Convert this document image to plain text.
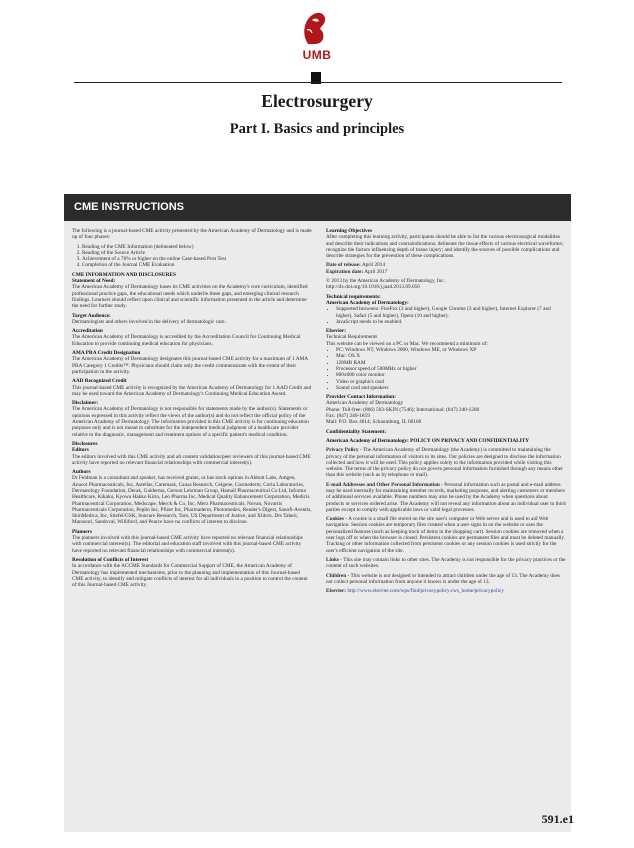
UMB
Electrosurgery
Part I. Basics and principles
CME INSTRUCTIONS

The following is a journal-based CME activity presented by the American Academy of Dermatology and is made up of four phases:

1. Reading of the CME Information (delineated below)
2. Reading of the Source Article
3. Achievement of a 70% or higher on the online Case-based Post Test
4. Completion of the Journal CME Evaluation

CME INFORMATION AND DISCLOSURES

Statement of Need:

The American Academy of Dermatology bases its CME activities on the Academy's core curriculum, identified professional practice gaps, the educational needs which underlie these gaps, and emerging clinical research findings. Learners should reflect upon clinical and scientific information presented in the article and determine the need for further study.

Target Audience:

Dermatologists and others involved in the delivery of dermatologic care.

Accreditation

The American Academy of Dermatology is accredited by the Accreditation Council for Continuing Medical Education to provide continuing medical education for physicians.

AMA PRA Credit Designation

The American Academy of Dermatology designates this journal-based CME activity for a maximum of 1 AMA PRA Category 1 Credits™. Physicians should claim only the credit commensurate with the extent of their participation in the activity.

AAD Recognized Credit

This journal-based CME activity is recognized by the American Academy of Dermatology for 1 AAD Credit and may be used toward the American Academy of Dermatology's Continuing Medical Education Award.

Disclaimer:

The American Academy of Dermatology is not responsible for statements made by the author(s). Statements or opinions expressed in this activity reflect the views of the author(s) and do not reflect the official policy of the American Academy of Dermatology. The information provided in this CME activity is for continuing education purposes only and is not meant to substitute for the independent medical judgment of a healthcare provider relative to the diagnostic, management and treatment options of a specific patient's medical condition.

Disclosures

Editors

The editors involved with this CME activity and all content validation/peer reviewers of this journal-based CME activity have reported no relevant financial relationships with commercial interest(s).

Authors

Dr Feldman is a consultant and speaker, has received grants, or has stock options in Abbott Labs, Amgen, Anacor Pharmaceuticals, Inc, Astellas, Caremark, Causa Research, Celgene, Cosmederm, Coria Laboratories, Dermatology Foundation, Derak, Galderma, Gerson Lehrman Group, Hamall Pharmaceutical Co Ltd, Informa Healthcare, Kikaku, Kyowa Hakko Kirin, Leo Pharma Inc, Medical Quality Enhancement Corporation, Medicis Pharmaceutical Corporation, Medscape, Merck & Co, Inc, Merz Pharmaceuticals, Novan, Novartis Pharmaceuticals Corporation, Peplin Inc, Pfizer Inc, Pharmaderm, Photomedex, Reader's Digest, Sanofi-Aventis, SkinMedica, Inc, Stiefel/GSK, Suncare Research, Taro, US Department of Justice, and Xlibris. Drs Taheri, Mansouri, Sandoval, Williford, and Pearce have no conflicts of interest to disclose.

Planners

The planners involved with this journal-based CME activity have reported no relevant financial relationships with commercial interest(s). The editorial and education staff involved with this journal-based CME activity have reported no relevant financial relationships with commercial interest(s).

Resolution of Conflicts of Interest

In accordance with the ACCME Standards for Commercial Support of CME, the American Academy of Dermatology has implemented mechanisms, prior to the planning and implementation of this Journal-based CME activity, to identify and mitigate conflicts of interest for all individuals in a position to control the content of this Journal-based CME activity.

Learning Objectives

After completing this learning activity, participants should be able to list the various electrosurgical modalities and describe their indications and contraindications; delineate the tissue effects of various electrical waveforms; recognize the factors influencing depth of tissue injury; and identify the sources of possible complications and describe strategies for the prevention of these complications.

Date of release: April 2014

Expiration date: April 2017

© 2013 by the American Academy of Dermatology, Inc.

http://dx.doi.org/10.1016/j.jaad.2013.09.056

Technical requirements:

American Academy of Dermatology:

• Supported browsers: FireFox (3 and higher), Google Chrome (3 and higher), Internet Explorer (7 and higher), Safari (5 and higher), Opera (10 and higher).
• JavaScript needs to be enabled.

Elsevier:

Technical Requirements

This website can be viewed on a PC or Mac. We recommend a minimum of:

• PC: Windows NT, Windows 2000, Windows ME, or Windows XP
• Mac: OS X
• 128MB RAM
• Processor speed of 500MHz or higher
• 800x600 color monitor
• Video or graphics card
• Sound card and speakers

Provider Contact Information:

American Academy of Dermatology

Phone: Toll-free: (866) 503-SKIN (7546); International: (847) 240-1280

Fax: (847) 240-1859

Mail: P.O. Box 4014; Schaumburg, IL 60168

Confidentiality Statement:

American Academy of Dermatology: POLICY ON PRIVACY AND CONFIDENTIALITY

Privacy Policy - The American Academy of Dermatology (the Academy) is committed to maintaining the privacy of the personal information of visitors to its sites. Our policies are designed to disclose the information collected and how it will be used. This policy applies solely to the information provided while visiting this website. The terms of the privacy policy do not govern personal information furnished through any means other than this website (such as by telephone or mail).

E-mail Addresses and Other Personal Information - Personal information such as postal and e-mail address may be used internally for maintaining member records, marketing purposes, and alerting customers or members of additional services available. Phone numbers may also be used by the Academy when questions about products or services ordered arise. The Academy will not reveal any information about an individual user to third parties except to comply with applicable laws or valid legal processes.

Cookies - A cookie is a small file stored on the site user's computer or Web server and is used to aid Web navigation. Session cookies are temporary files created when a user signs in on the website or uses the personalized features (such as keeping track of items in the shopping cart). Session cookies are removed when a user logs off or when the browser is closed. Persistent cookies are permanent files and must be deleted manually. Tracking or other information collected from persistent cookies or any session cookies is used strictly for the user's efficient navigation of the site.

Links - This site may contain links to other sites. The Academy is not responsible for the privacy practices or the content of such websites.

Children - This website is not designed or intended to attract children under the age of 13. The Academy does not collect personal information from anyone it knows is under the age of 13.

Elsevier: http://www.elsevier.com/wps/find/privacypolicy.cws_home/privacypolicy

591.e1
